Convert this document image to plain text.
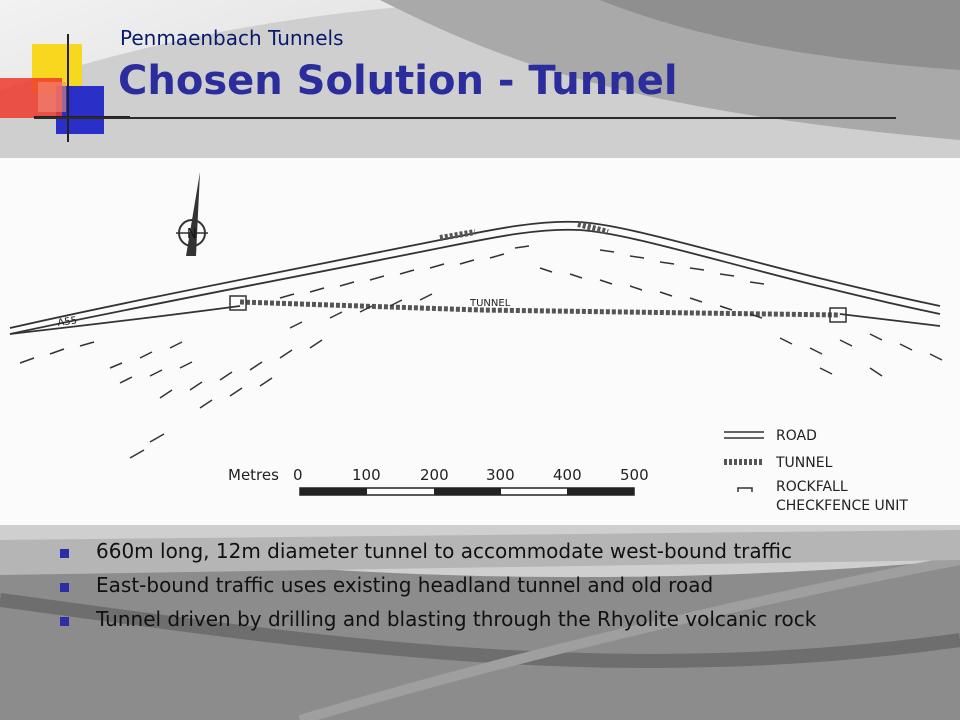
Penmaenbach Tunnels
Chosen Solution - Tunnel
N
TUNNEL
A55
Metres 0	100	200 300	400	500
ROAD
TUNNEL
ROCKFALL
CHECKFENCE UNIT
660m long, 12m diameter tunnel to accommodate west-bound traffic
East-bound traffic uses existing headland tunnel and old road
Tunnel driven by drilling and blasting through the Rhyolite volcanic rock
